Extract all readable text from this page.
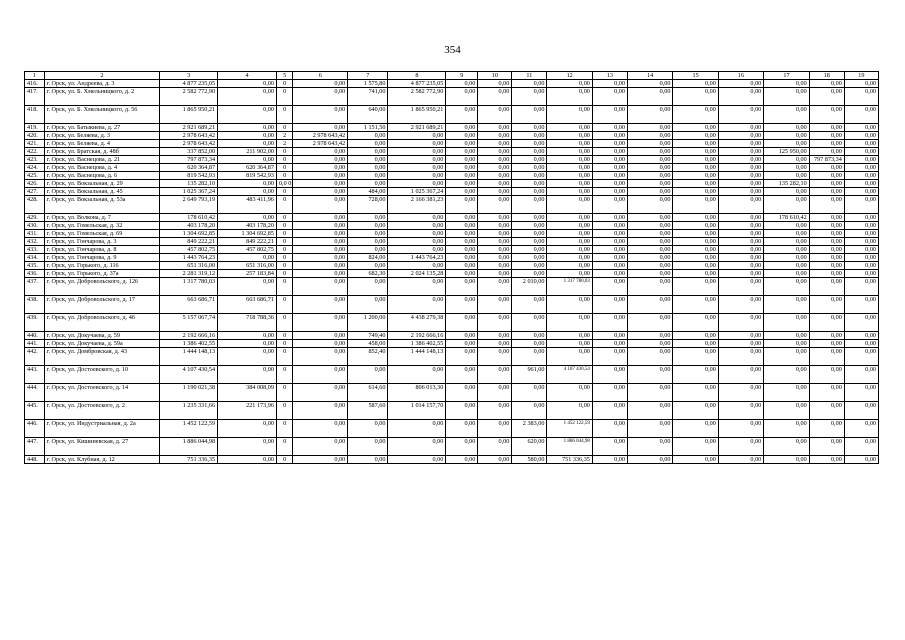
354
1	2	3	4	5	6	7	8	9	10	11	12	13	14	15	16	17	18	19
416.	г. Орск, ул. Андреева, д. 3	4 877 235,05	0,00	0	0,00	1 575,80	4 877 235,05	0,00	0,00	0,00	0,00	0,00	0,00	0,00	0,00	0,00	0,00	0,00
417.	г. Орск, ул. Б. Хмельницкого, д. 2	2 582 772,90	0,00	0	0,00	741,00	2 582 772,90	0,00	0,00	0,00	0,00	0,00	0,00	0,00	0,00	0,00	0,00	0,00
418.	г. Орск, ул. Б. Хмельницкого, д. 56	1 865 950,21	0,00	0	0,00	640,00	1 865 950,21	0,00	0,00	0,00	0,00	0,00	0,00	0,00	0,00	0,00	0,00	0,00
419.	г. Орск, ул. Батыкиева, д. 27	2 921 689,21	0,00	0	0,00	1 151,50	2 921 689,21	0,00	0,00	0,00	0,00	0,00	0,00	0,00	0,00	0,00	0,00	0,00
420.	г. Орск, ул. Беляева, д. 3	2 978 643,42	0,00	2	2 978 643,42	0,00	0,00	0,00	0,00	0,00	0,00	0,00	0,00	0,00	0,00	0,00	0,00	0,00
421.	г. Орск, ул. Беляева, д. 4	2 978 643,42	0,00	2	2 978 643,42	0,00	0,00	0,00	0,00	0,00	0,00	0,00	0,00	0,00	0,00	0,00	0,00	0,00
422.	г. Орск, ул. Братская, д. 48б	337 852,00	211 902,00	0	0,00	0,00	0,00	0,00	0,00	0,00	0,00	0,00	0,00	0,00	0,00	125 950,00	0,00	0,00
423.	г. Орск, ул. Васнецова, д. 21	797 873,34	0,00	0	0,00	0,00	0,00	0,00	0,00	0,00	0,00	0,00	0,00	0,00	0,00	0,00	797 873,34	0,00
424.	г. Орск, ул. Васнецова, д. 4	620 364,87	620 364,87	0	0,00	0,00	0,00	0,00	0,00	0,00	0,00	0,00	0,00	0,00	0,00	0,00	0,00	0,00
425.	г. Орск, ул. Васнецова, д. 6	819 542,93	819 542,93	0	0,00	0,00	0,00	0,00	0,00	0,00	0,00	0,00	0,00	0,00	0,00	0,00	0,00	0,00
426.	г. Орск, ул. Вокзальная, д. 29	135 282,10	0,00	0,0 0	0,00	0,00	0,00	0,00	0,00	0,00	0,00	0,00	0,00	0,00	0,00	135 282,10	0,00	0,00
427.	г. Орск, ул. Вокзальная, д. 45	1 025 367,24	0,00	0	0,00	484,00	1 025 367,24	0,00	0,00	0,00	0,00	0,00	0,00	0,00	0,00	0,00	0,00	0,00
428.	г. Орск, ул. Вокзальная, д. 53а	2 649 793,19	483 411,96	0	0,00	728,00	2 166 381,23	0,00	0,00	0,00	0,00	0,00	0,00	0,00	0,00	0,00	0,00	0,00
429.	г. Орск, ул. Волкова, д. 7	178 610,42	0,00	0	0,00	0,00	0,00	0,00	0,00	0,00	0,00	0,00	0,00	0,00	0,00	178 610,42	0,00	0,00
430.	г. Орск, ул. Гомельская, д. 32	403 178,20	403 178,20	0	0,00	0,00	0,00	0,00	0,00	0,00	0,00	0,00	0,00	0,00	0,00	0,00	0,00	0,00
431.	г. Орск, ул. Гомельская, д. 69	1 304 692,85	1 304 692,85	0	0,00	0,00	0,00	0,00	0,00	0,00	0,00	0,00	0,00	0,00	0,00	0,00	0,00	0,00
432.	г. Орск, ул. Гончарова, д. 3	849 222,21	849 222,21	0	0,00	0,00	0,00	0,00	0,00	0,00	0,00	0,00	0,00	0,00	0,00	0,00	0,00	0,00
433.	г. Орск, ул. Гончарова, д. 8	457 802,75	457 802,75	0	0,00	0,00	0,00	0,00	0,00	0,00	0,00	0,00	0,00	0,00	0,00	0,00	0,00	0,00
434.	г. Орск, ул. Гончарова, д. 9	1 443 764,23	0,00	0	0,00	824,00	1 443 764,23	0,00	0,00	0,00	0,00	0,00	0,00	0,00	0,00	0,00	0,00	0,00
435.	г. Орск, ул. Горького, д. 116	651 316,00	651 316,00	0	0,00	0,00	0,00	0,00	0,00	0,00	0,00	0,00	0,00	0,00	0,00	0,00	0,00	0,00
436.	г. Орск, ул. Горького, д. 37а	2 281 319,12	257 183,84	0	0,00	682,30	2 024 135,28	0,00	0,00	0,00	0,00	0,00	0,00	0,00	0,00	0,00	0,00	0,00
437.	г. Орск, ул. Добровольского, д. 126	1 317 780,03	0,00	0	0,00	0,00	0,00	0,00	0,00	2 010,00	1 317 780,03	0,00	0,00	0,00	0,00	0,00	0,00	0,00
438.	г. Орск, ул. Добровольского, д. 17	663 686,71	663 686,71	0	0,00	0,00	0,00	0,00	0,00	0,00	0,00	0,00	0,00	0,00	0,00	0,00	0,00	0,00
439.	г. Орск, ул. Добровольского, д. 46	5 157 067,74	718 788,36	0	0,00	1 200,00	4 438 279,38	0,00	0,00	0,00	0,00	0,00	0,00	0,00	0,00	0,00	0,00	0,00
440.	г. Орск, ул. Докучаева, д. 59	2 192 666,16	0,00	0	0,00	749,40	2 192 666,16	0,00	0,00	0,00	0,00	0,00	0,00	0,00	0,00	0,00	0,00	0,00
441.	г. Орск, ул. Докучаева, д. 59а	1 386 402,55	0,00	0	0,00	458,00	1 386 402,55	0,00	0,00	0,00	0,00	0,00	0,00	0,00	0,00	0,00	0,00	0,00
442.	г. Орск, ул. Домбровская, д. 43	1 444 148,13	0,00	0	0,00	852,40	1 444 148,13	0,00	0,00	0,00	0,00	0,00	0,00	0,00	0,00	0,00	0,00	0,00
443.	г. Орск, ул. Достоевского, д. 10	4 107 430,54	0,00	0	0,00	0,00	0,00	0,00	0,00	961,00	4 107 430,54	0,00	0,00	0,00	0,00	0,00	0,00	0,00
444.	г. Орск, ул. Достоевского, д. 14	1 190 021,38	384 008,09	0	0,00	614,60	806 013,30	0,00	0,00	0,00	0,00	0,00	0,00	0,00	0,00	0,00	0,00	0,00
445.	г. Орск, ул. Достоевского, д. 2	1 235 331,66	221 173,96	0	0,00	587,60	1 014 157,70	0,00	0,00	0,00	0,00	0,00	0,00	0,00	0,00	0,00	0,00	0,00
446.	г. Орск, ул. Индустриальная, д. 2а	1 452 122,59	0,00	0	0,00	0,00	0,00	0,00	0,00	2 383,00	1 452 122,59	0,00	0,00	0,00	0,00	0,00	0,00	0,00
447.	г. Орск, ул. Кишиневская, д. 27	1 886 044,98	0,00	0	0,00	0,00	0,00	0,00	0,00	620,00	1 886 044,98	0,00	0,00	0,00	0,00	0,00	0,00	0,00
448.	г. Орск, ул. Клубная, д. 12	751 336,35	0,00	0	0,00	0,00	0,00	0,00	0,00	580,00	751 336,35	0,00	0,00	0,00	0,00	0,00	0,00	0,00
